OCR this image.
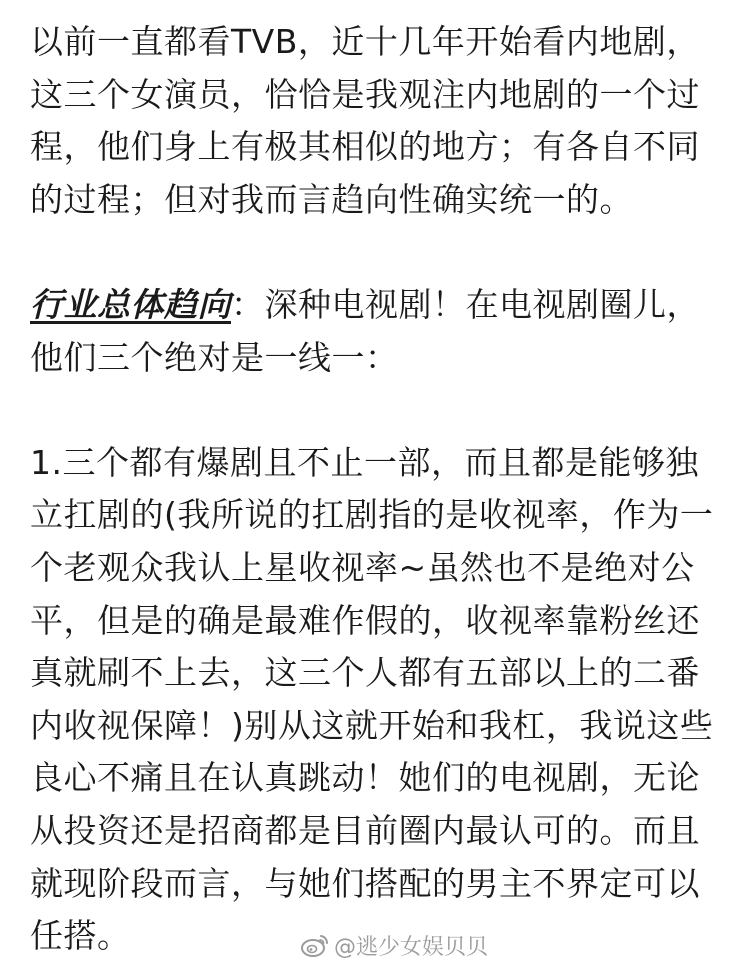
以前一直都看TVB，近十几年开始看内地剧，
这三个女演员，恰恰是我观注内地剧的一个过
程，他们身上有极其相似的地方；有各自不同
的过程；但对我而言趋向性确实统一的。
行业总体趋向：深种电视剧！在电视剧圈儿，
他们三个绝对是一线一：
1.三个都有爆剧且不止一部，而且都是能够独
立扛剧的(我所说的扛剧指的是收视率，作为一
个老观众我认上星收视率~虽然也不是绝对公
平，但是的确是最难作假的，收视率靠粉丝还
真就刷不上去，这三个人都有五部以上的二番
内收视保障！)别从这就开始和我杠，我说这些
良心不痛且在认真跳动！她们的电视剧，无论
从投资还是招商都是目前圈内最认可的。而且
就现阶段而言，与她们搭配的男主不界定可以
任搭。	@逃少女娱贝贝
